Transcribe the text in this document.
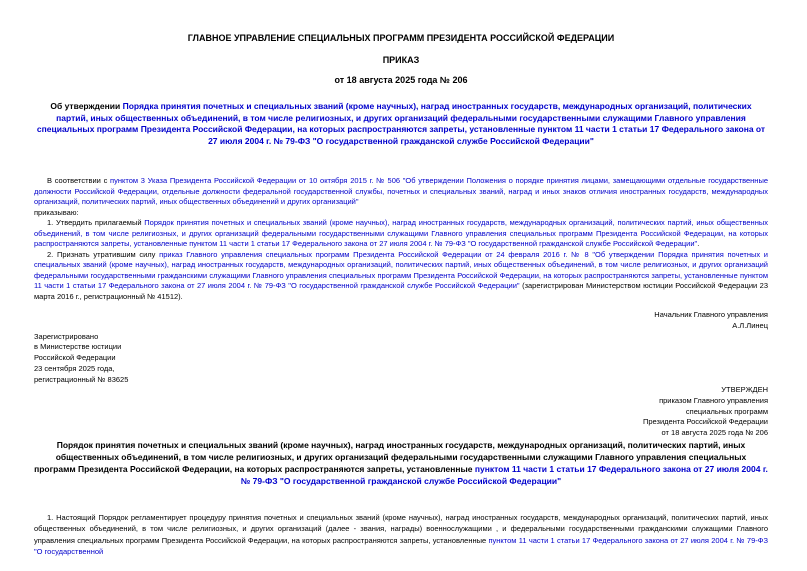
ГЛАВНОЕ УПРАВЛЕНИЕ СПЕЦИАЛЬНЫХ ПРОГРАММ ПРЕЗИДЕНТА РОССИЙСКОЙ ФЕДЕРАЦИИ
ПРИКАЗ
от 18 августа 2025 года № 206
Об утверждении Порядка принятия почетных и специальных званий (кроме научных), наград иностранных государств, международных организаций, политических партий, иных общественных объединений, в том числе религиозных, и других организаций федеральными государственными служащими Главного управления специальных программ Президента Российской Федерации, на которых распространяются запреты, установленные пунктом 11 части 1 статьи 17 Федерального закона от 27 июля 2004 г. № 79-ФЗ "О государственной гражданской службе Российской Федерации"
В соответствии с пунктом 3 Указа Президента Российской Федерации от 10 октября 2015 г. № 506 "Об утверждении Положения о порядке принятия лицами, замещающими отдельные государственные должности Российской Федерации, отдельные должности федеральной государственной службы, почетных и специальных званий, наград и иных знаков отличия иностранных государств, международных организаций, политических партий, иных общественных объединений и других организаций"
приказываю:
1. Утвердить прилагаемый Порядок принятия почетных и специальных званий (кроме научных), наград иностранных государств, международных организаций, политических партий, иных общественных объединений, в том числе религиозных, и других организаций федеральными государственными служащими Главного управления специальных программ Президента Российской Федерации, на которых распространяются запреты, установленные пунктом 11 части 1 статьи 17 Федерального закона от 27 июля 2004 г. № 79-ФЗ "О государственной гражданской службе Российской Федерации".
2. Признать утратившим силу приказ Главного управления специальных программ Президента Российской Федерации от 24 февраля 2016 г. № 8 "Об утверждении Порядка принятия почетных и специальных званий (кроме научных), наград иностранных государств, международных организаций, политических партий, иных общественных объединений, в том числе религиозных, и других организаций федеральными государственными гражданскими служащими Главного управления специальных программ Президента Российской Федерации, на которых распространяются запреты, установленные пунктом 11 части 1 статьи 17 Федерального закона от 27 июля 2004 г. № 79-ФЗ "О государственной гражданской службе Российской Федерации" (зарегистрирован Министерством юстиции Российской Федерации 23 марта 2016 г., регистрационный № 41512).
Начальник Главного управления
А.Л.Линец
Зарегистрировано
в Министерстве юстиции
Российской Федерации
23 сентября 2025 года,
регистрационный № 83625
УТВЕРЖДЕН
приказом Главного управления
специальных программ
Президента Российской Федерации
от 18 августа 2025 года № 206
Порядок принятия почетных и специальных званий (кроме научных), наград иностранных государств, международных организаций, политических партий, иных общественных объединений, в том числе религиозных, и других организаций федеральными государственными служащими Главного управления специальных программ Президента Российской Федерации, на которых распространяются запреты, установленные пунктом 11 части 1 статьи 17 Федерального закона от 27 июля 2004 г. № 79-ФЗ "О государственной гражданской службе Российской Федерации"
1. Настоящий Порядок регламентирует процедуру принятия почетных и специальных званий (кроме научных), наград иностранных государств, международных организаций, политических партий, иных общественных объединений, в том числе религиозных, и других организаций (далее - звания, награды) военнослужащими , и федеральными государственными гражданскими служащими Главного управления специальных программ Президента Российской Федерации, на которых распространяются запреты, установленные пунктом 11 части 1 статьи 17 Федерального закона от 27 июля 2004 г. № 79-ФЗ "О государственной
